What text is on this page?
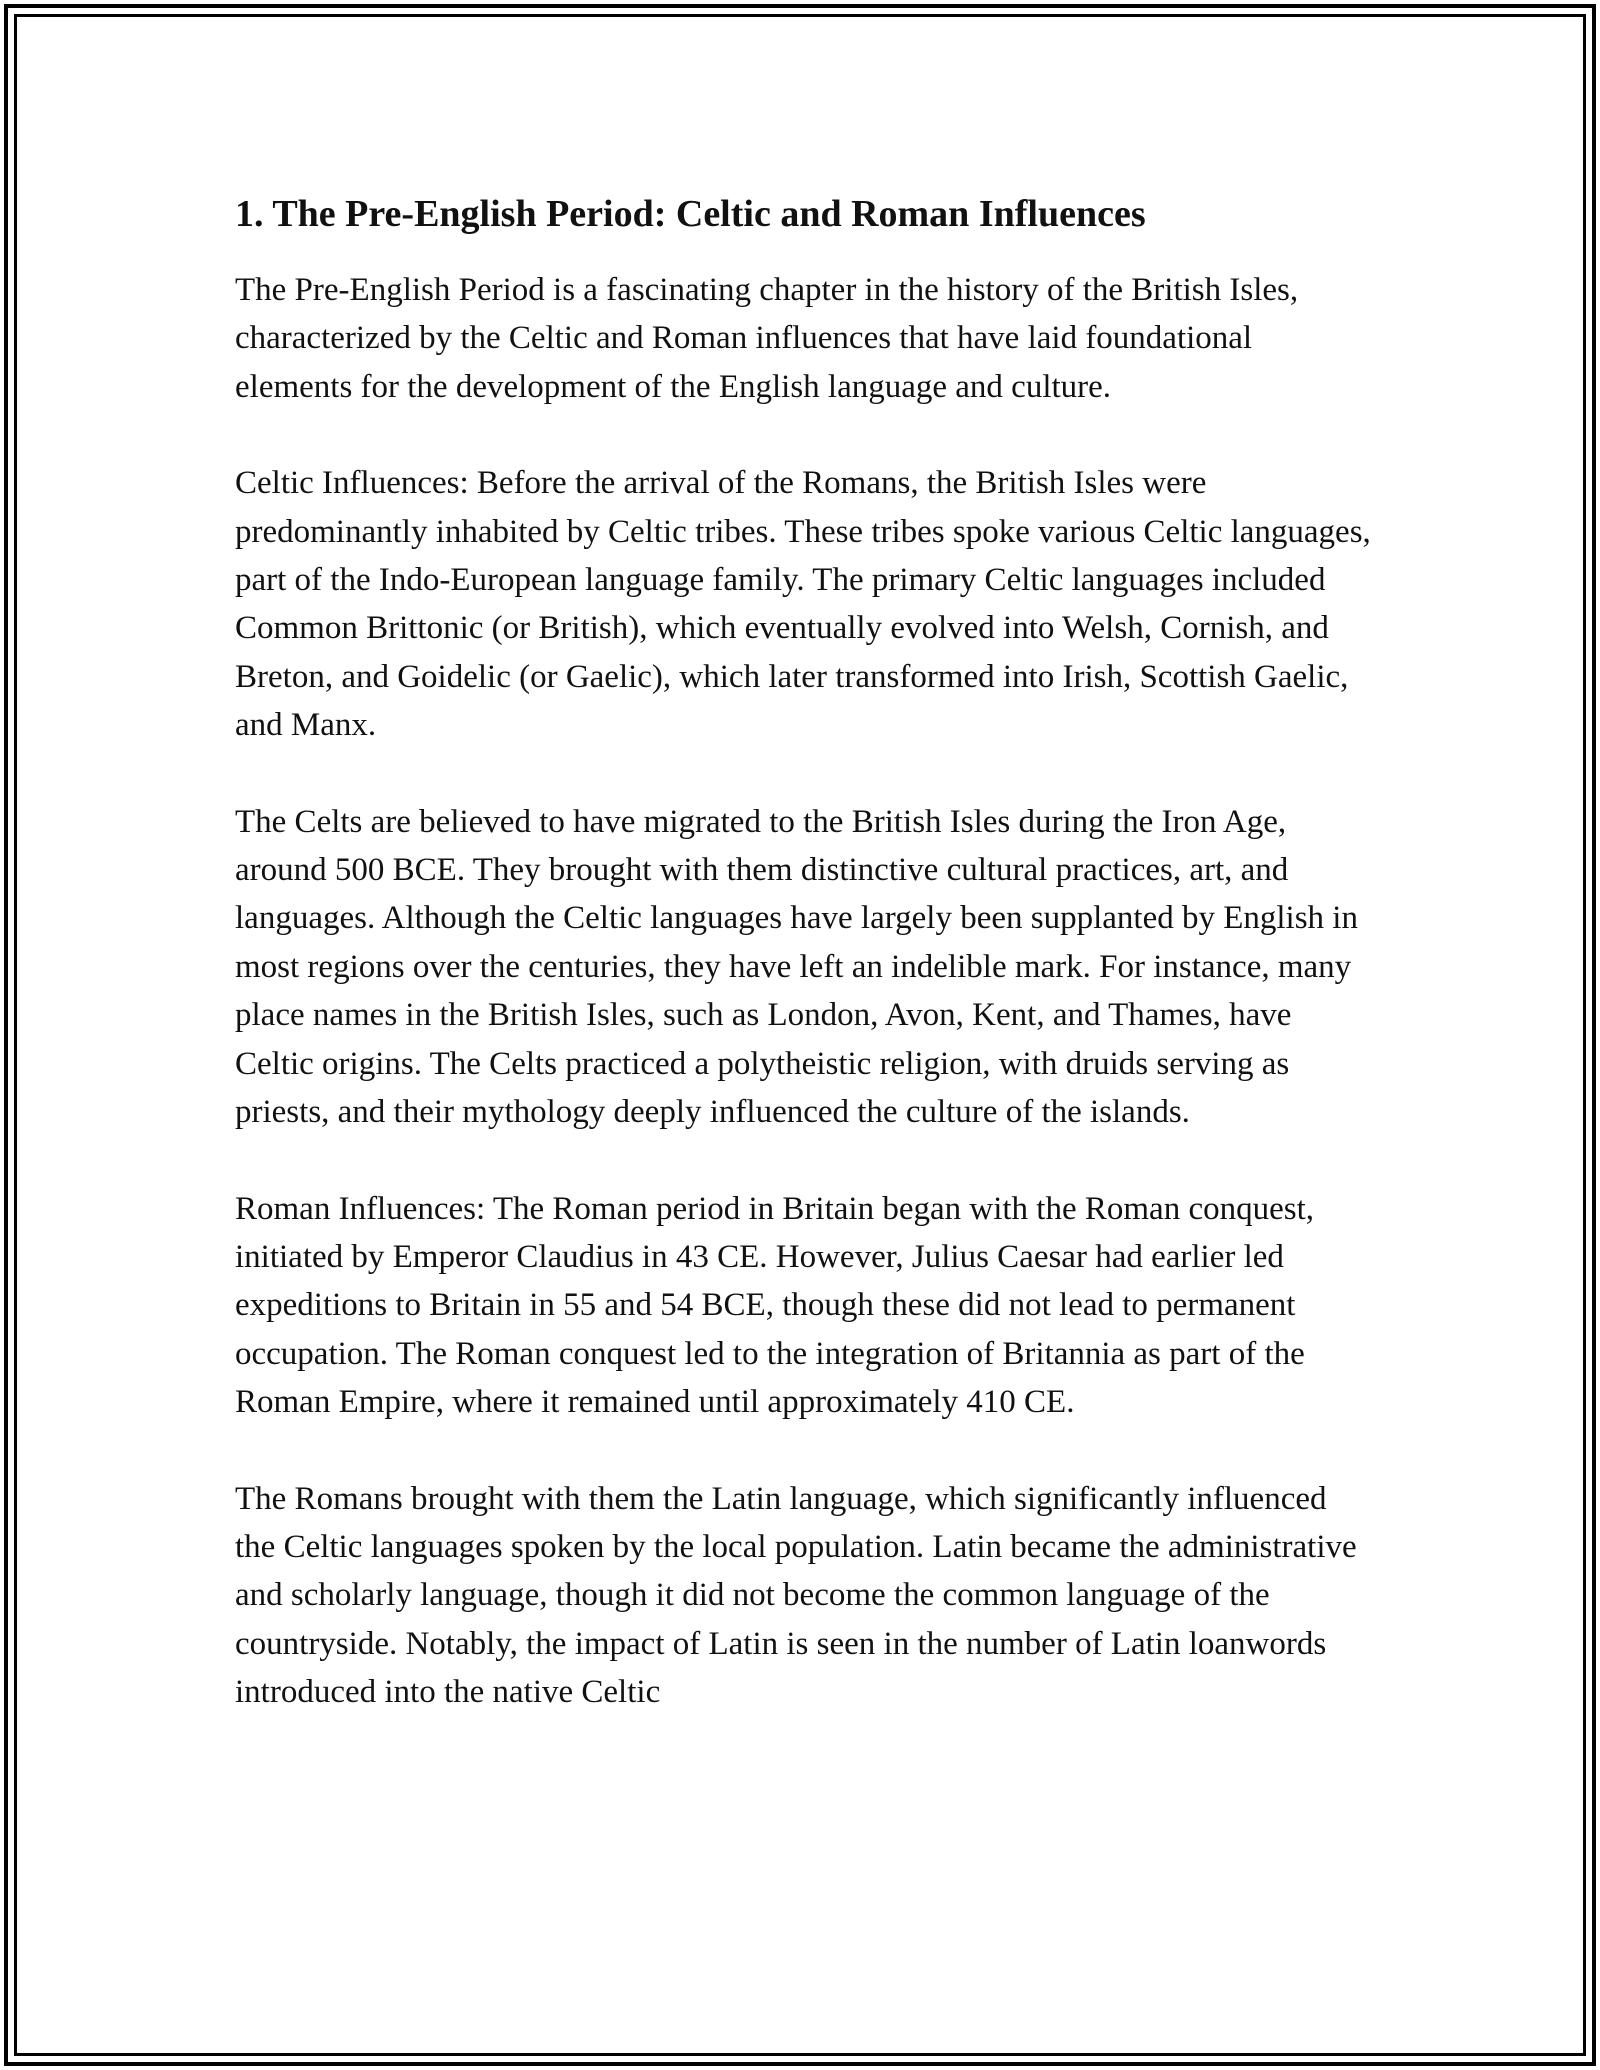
1. The Pre-English Period: Celtic and Roman Influences

The Pre-English Period is a fascinating chapter in the history of the British Isles, characterized by the Celtic and Roman influences that have laid foundational elements for the development of the English language and culture.

Celtic Influences: Before the arrival of the Romans, the British Isles were predominantly inhabited by Celtic tribes. These tribes spoke various Celtic languages, part of the Indo-European language family. The primary Celtic languages included Common Brittonic (or British), which eventually evolved into Welsh, Cornish, and Breton, and Goidelic (or Gaelic), which later transformed into Irish, Scottish Gaelic, and Manx.

The Celts are believed to have migrated to the British Isles during the Iron Age, around 500 BCE. They brought with them distinctive cultural practices, art, and languages. Although the Celtic languages have largely been supplanted by English in most regions over the centuries, they have left an indelible mark. For instance, many place names in the British Isles, such as London, Avon, Kent, and Thames, have Celtic origins. The Celts practiced a polytheistic religion, with druids serving as priests, and their mythology deeply influenced the culture of the islands.

Roman Influences: The Roman period in Britain began with the Roman conquest, initiated by Emperor Claudius in 43 CE. However, Julius Caesar had earlier led expeditions to Britain in 55 and 54 BCE, though these did not lead to permanent occupation. The Roman conquest led to the integration of Britannia as part of the Roman Empire, where it remained until approximately 410 CE.

The Romans brought with them the Latin language, which significantly influenced the Celtic languages spoken by the local population. Latin became the administrative and scholarly language, though it did not become the common language of the countryside. Notably, the impact of Latin is seen in the number of Latin loanwords introduced into the native Celtic
